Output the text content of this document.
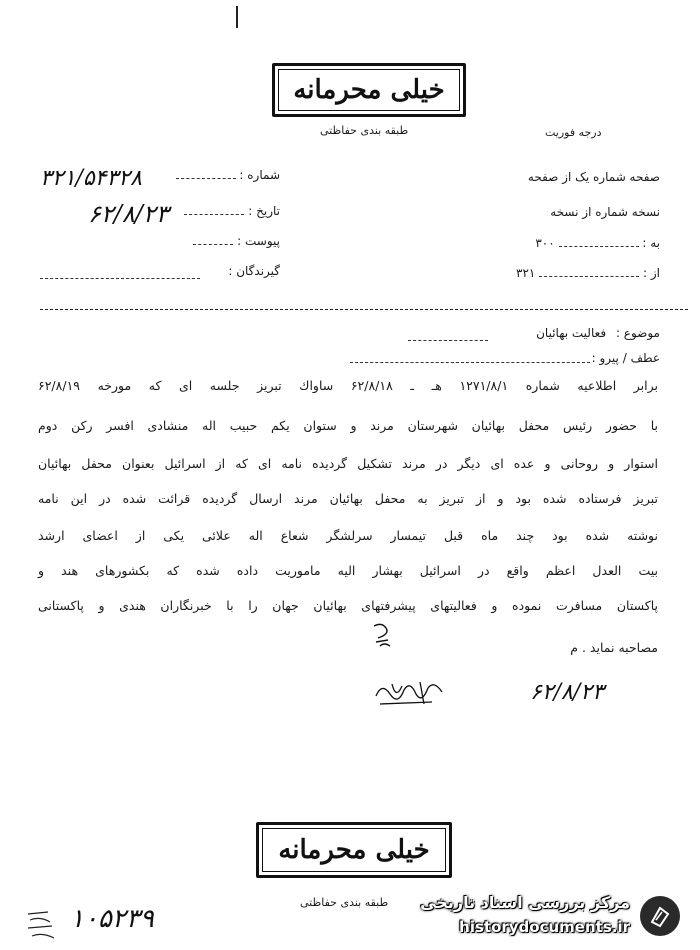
خیلی محرمانه
طبقه بندی حفاظتی	درجه فوریت
شماره :
۳۲۱/۵۴۳۲۸
تاریخ :
۶۲/۸/۲۳
پیوست :
گیرندگان :
صفحه شماره یک از صفحه
نسخه شماره از نسخه
به :  ۳۰۰
از :  ۳۲۱
موضوع : فعالیت بهائیان
عطف / پیرو :
برابر اطلاعیه شماره ۱۲۷۱/۸/۱ هـ ـ ۶۲/۸/۱۸ ساواك تبریز جلسه ای که مورخه ۶۲/۸/۱۹
با حضور رئیس محفل بهائیان شهرستان مرند و ستوان یکم حبیب اله منشادی افسر رکن دوم
استوار و روحانی و عده ای دیگر در مرند تشکیل گردیده نامه ای که از اسرائیل بعنوان محفل بهائیان
تبریز فرستاده شده بود و از تبریز به محفل بهائیان مرند ارسال گردیده قرائت شده در این نامه
نوشته شده بود چند ماه قبل تیمسار سرلشگر شعاع اله علائی یکی از اعضای ارشد
بیت العدل اعظم واقع در اسرائیل بهشار الیه ماموریت داده شده که بکشورهای هند و
پاکستان مسافرت نموده و فعالیتهای پیشرفتهای بهائیان جهان را با خبرنگاران هندی و پاکستانی
مصاحبه نماید . م
۶۲/۸/۲۳
خیلی محرمانه
طبقه بندی حفاظتی
۱۰۵۲۳۹
مرکز بررسی اسناد تاریخی
historydocuments.ir
